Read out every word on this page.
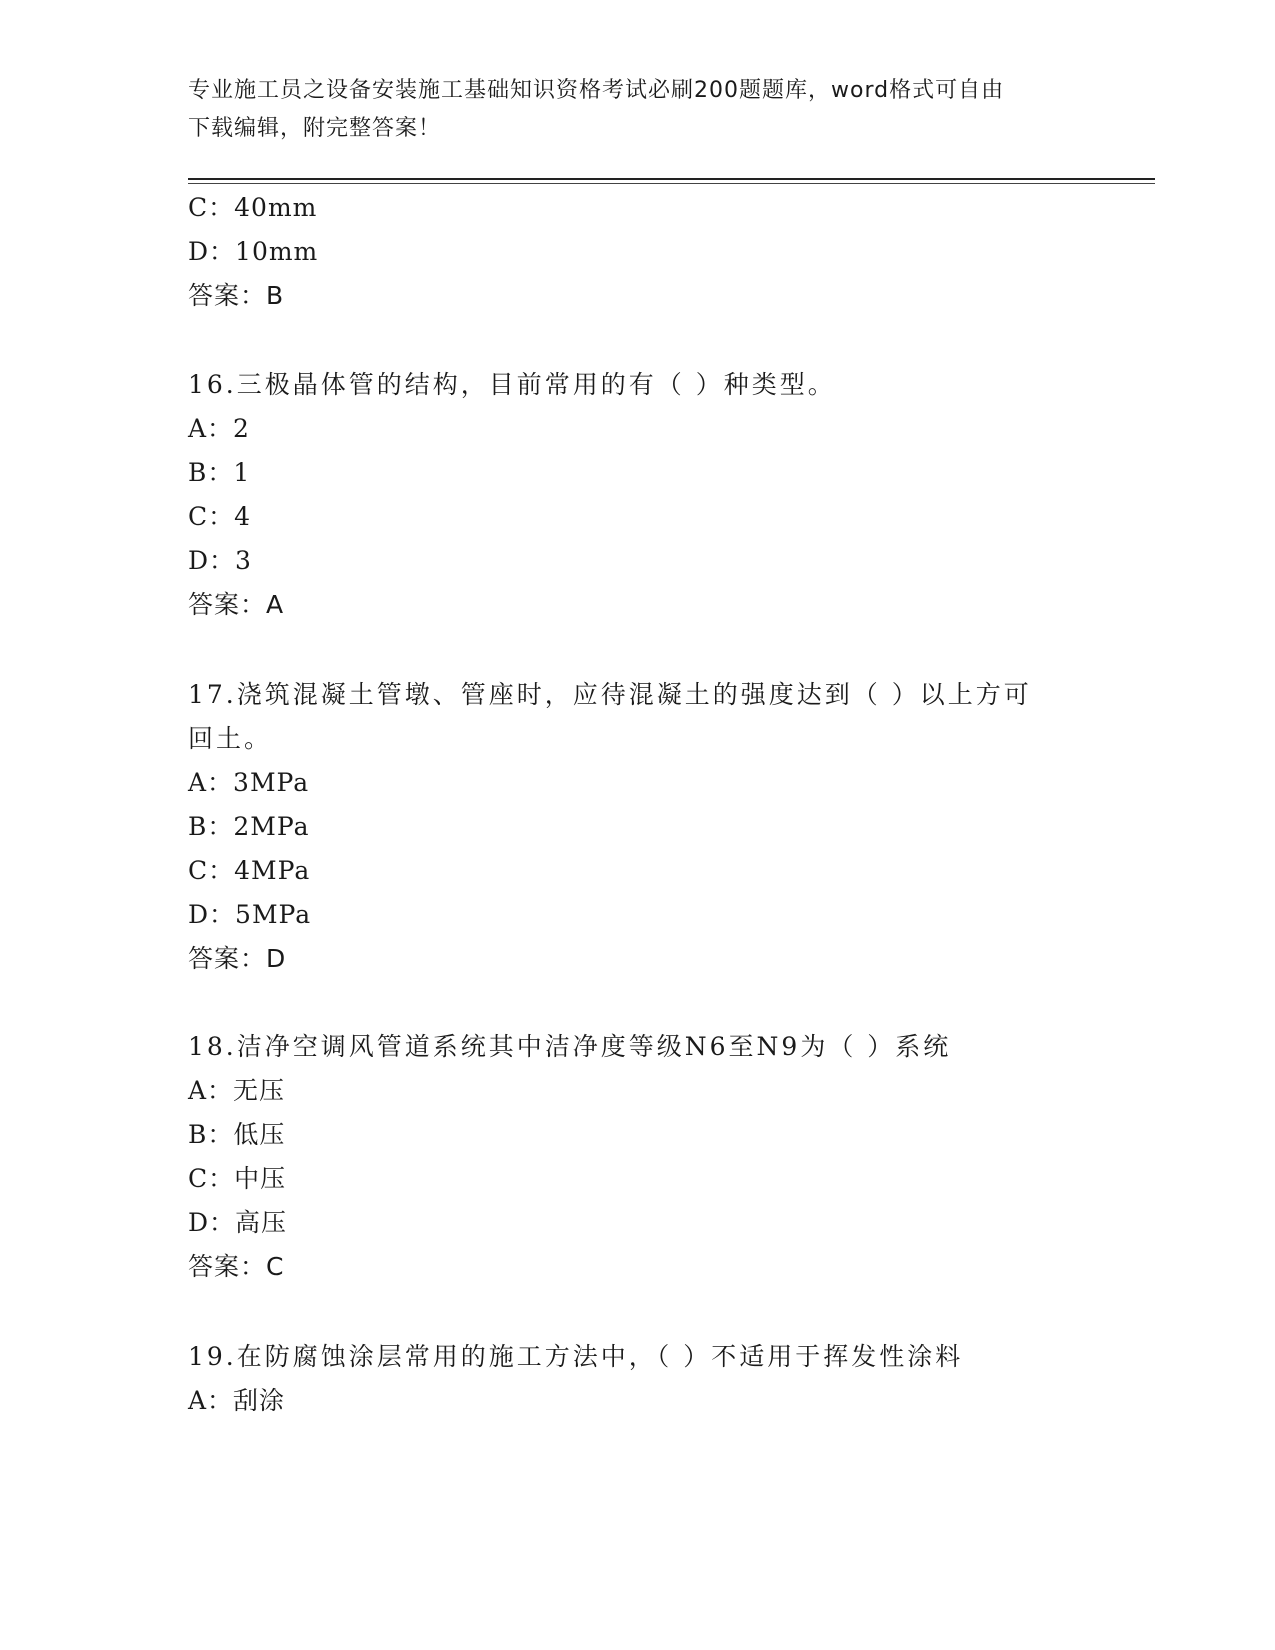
专业施工员之设备安装施工基础知识资格考试必刷200题题库，word格式可自由
下载编辑，附完整答案！
C：40mm
D：10mm
答案：B
16.三极晶体管的结构，目前常用的有（ ）种类型。
A：2
B：1
C：4
D：3
答案：A
17.浇筑混凝土管墩、管座时，应待混凝土的强度达到（ ）以上方可
回土。
A：3MPa
B：2MPa
C：4MPa
D：5MPa
答案：D
18.洁净空调风管道系统其中洁净度等级N6至N9为（ ）系统
A：无压
B：低压
C：中压
D：高压
答案：C
19.在防腐蚀涂层常用的施工方法中，（ ）不适用于挥发性涂料
A：刮涂
